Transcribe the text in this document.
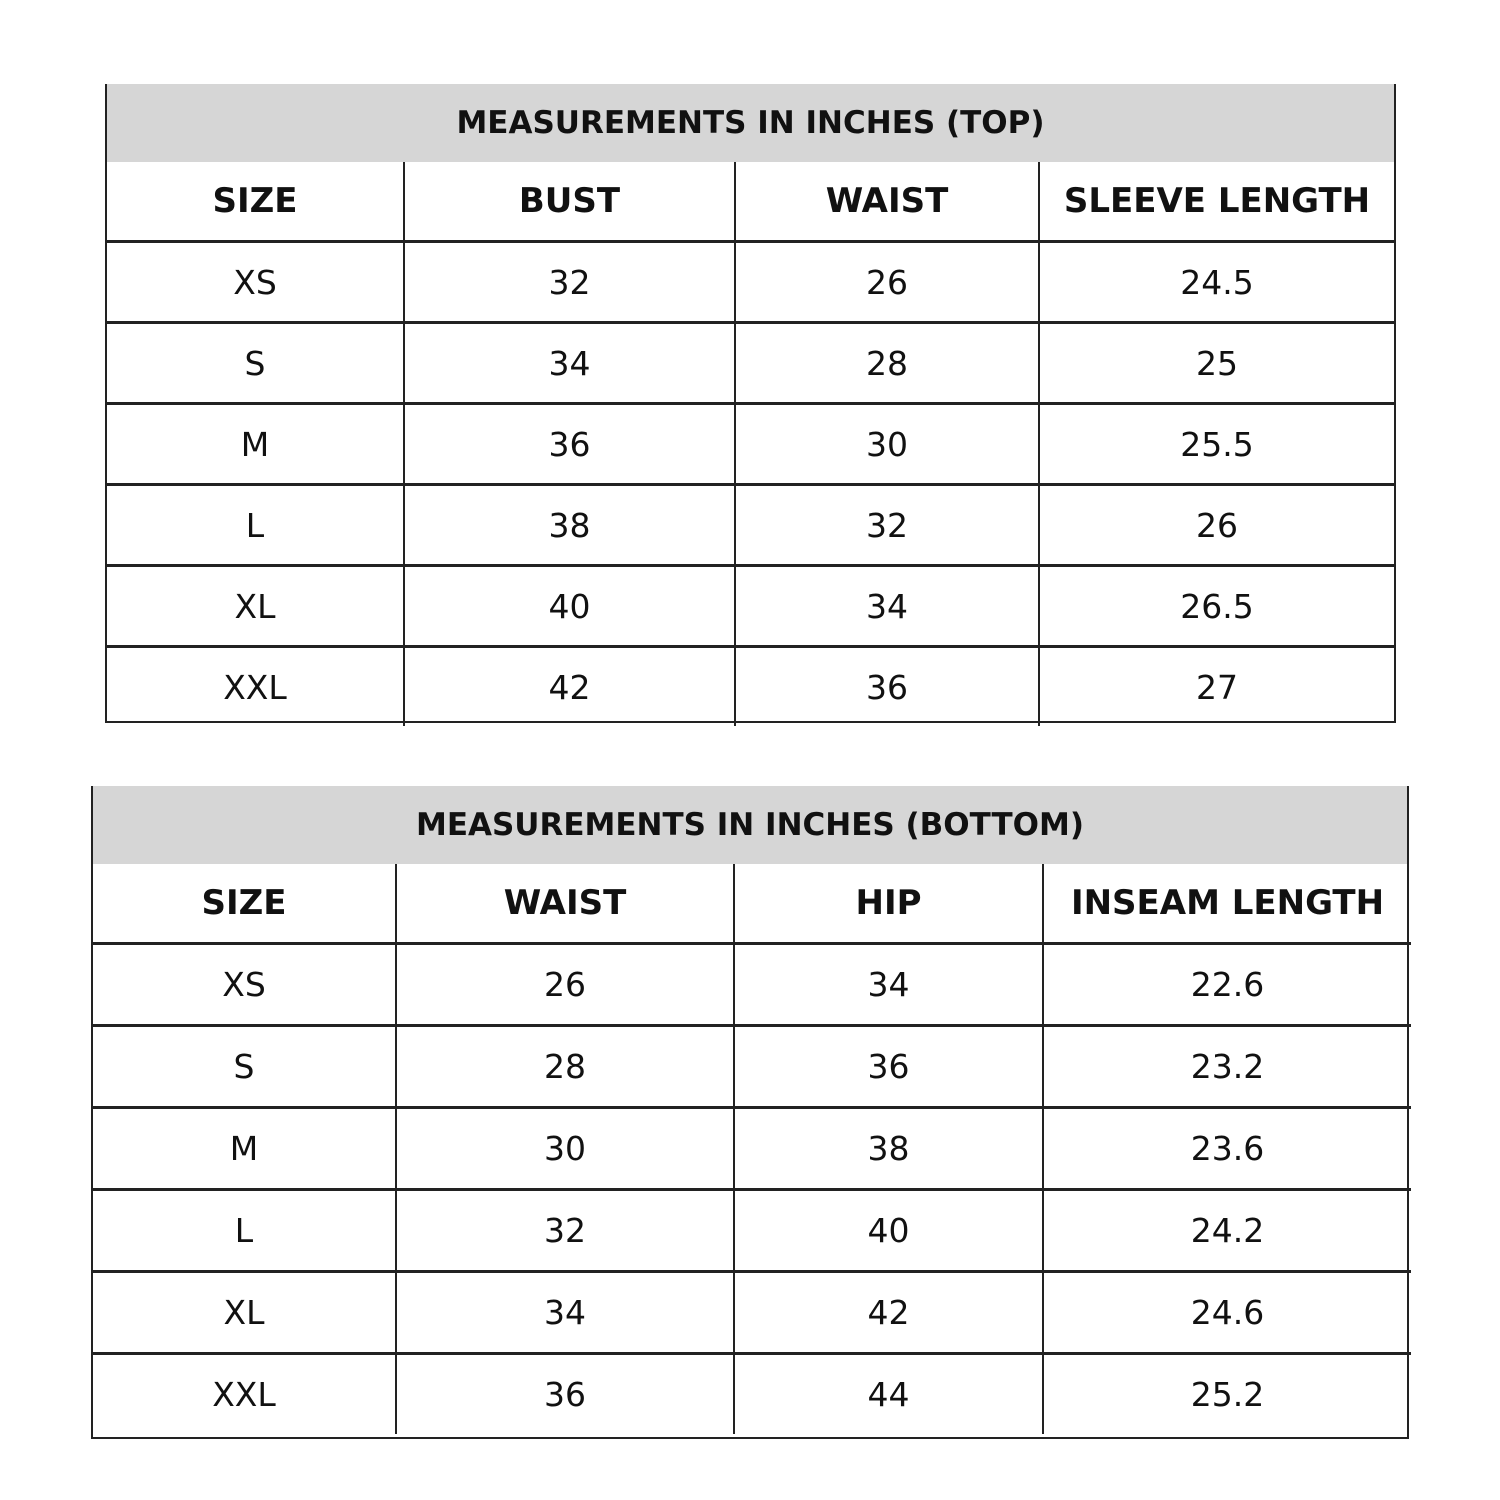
MEASUREMENTS IN INCHES (TOP)
SIZE	BUST	WAIST	SLEEVE LENGTH
XS	32	26	24.5
S	34	28	25
M	36	30	25.5
L	38	32	26
XL	40	34	26.5
XXL	42	36	27
MEASUREMENTS IN INCHES (BOTTOM)
SIZE	WAIST	HIP	INSEAM LENGTH
XS	26	34	22.6
S	28	36	23.2
M	30	38	23.6
L	32	40	24.2
XL	34	42	24.6
XXL	36	44	25.2
